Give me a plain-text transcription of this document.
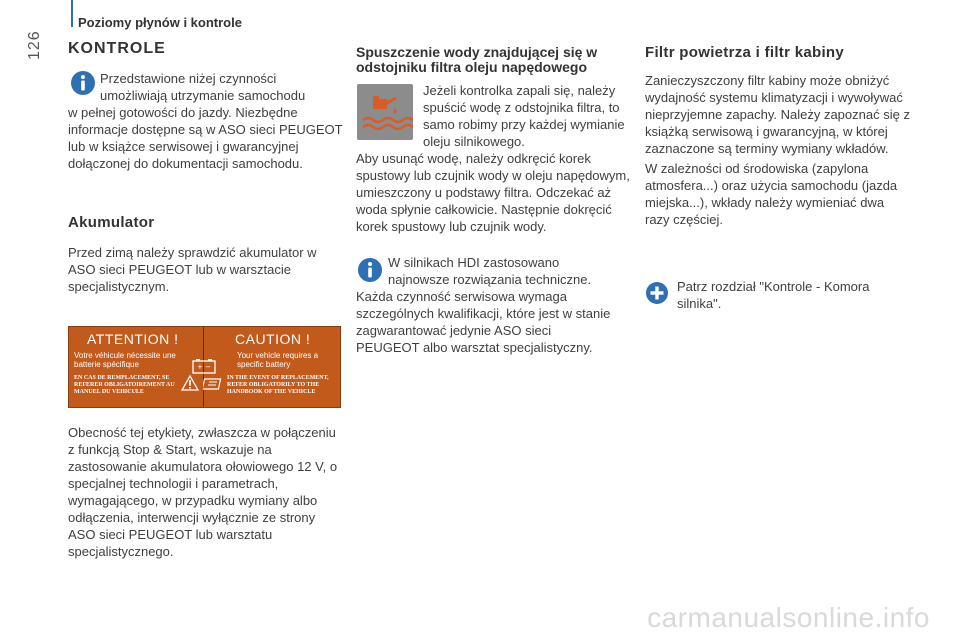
Poziomy płynów i kontrole
126 KONTROLE

Przedstawione niżej czynności

umożliwiają utrzymanie samochodu

w pełnej gotowości do jazdy. Niezbędne informacje dostępne są w ASO sieci PEUGEOT lub w książce serwisowej i gwarancyjnej dołączonej do dokumentacji samochodu.

Akumulator

Przed zimą należy sprawdzić akumulator w ASO sieci PEUGEOT lub w warsztacie specjalistycznym.

ATTENTION !	CAUTION !
Votre véhicule nécessite une batterie spécifique
Your vehicle requires a specific battery
+ −
EN CAS DE REMPLACEMENT, SE REFERER OBLIGATOIREMENT AU MANUEL DU VEHICULE
IN THE EVENT OF REPLACEMENT, REFER OBLIGATORILY TO THE HANDBOOK OF THE VEHICLE

Obecność tej etykiety, zwłaszcza w połączeniu z funkcją Stop & Start, wskazuje na zastosowanie akumulatora ołowiowego 12 V, o specjalnej technologii i parametrach, wymagającego, w przypadku wymiany albo odłączenia, interwencji wyłącznie ze strony ASO sieci PEUGEOT lub warsztatu specjalistycznego.

Spuszczenie wody znajdującej się w odstojniku filtra oleju napędowego

Jeżeli kontrolka zapali się, należy spuścić wodę z odstojnika filtra, to samo robimy przy każdej wymianie oleju silnikowego.

Aby usunąć wodę, należy odkręcić korek spustowy lub czujnik wody w oleju napędowym, umieszczony u podstawy filtra. Odczekać aż woda spłynie całkowicie. Następnie dokręcić korek spustowy lub czujnik wody.

W silnikach HDI zastosowano

najnowsze rozwiązania techniczne.

Każda czynność serwisowa wymaga szczególnych kwalifikacji, które jest w stanie zagwarantować jedynie ASO sieci PEUGEOT albo warsztat specjalistyczny.

Filtr powietrza i filtr kabiny

Zanieczyszczony filtr kabiny może obniżyć wydajność systemu klimatyzacji i wywoływać nieprzyjemne zapachy. Należy zapoznać się z książką serwisową i gwarancyjną, w której zaznaczone są terminy wymiany wkładów.

W zależności od środowiska (zapylona atmosfera...) oraz użycia samochodu (jazda miejska...), wkłady należy wymieniać dwa razy częściej.

Patrz rozdział "Kontrole - Komora silnika".

carmanualsonline.info
